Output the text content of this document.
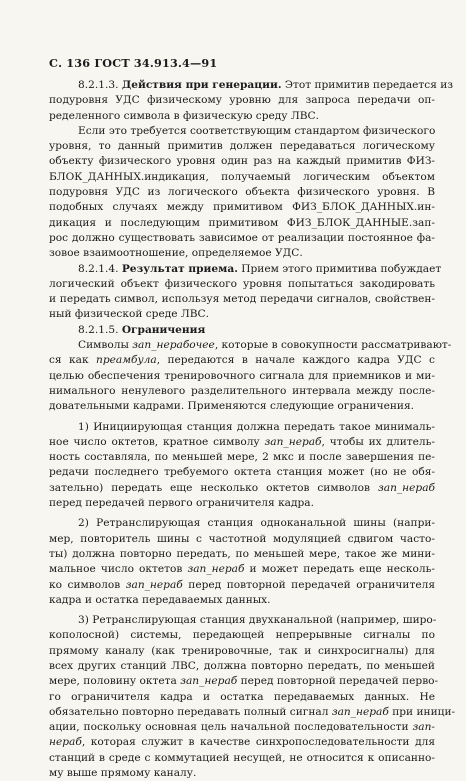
С. 136 ГОСТ 34.913.4—91
8.2.1.3. Действия при генерации. Этот примитив передается из
подуровня УДС физическому уровню для запроса передачи оп-
ределенного символа в физическую среду ЛВС.
Если это требуется соответствующим стандартом физического
уровня, то данный примитив должен передаваться логическому
объекту физического уровня один раз на каждый примитив ФИЗ-
БЛОК_ДАННЫХ.индикация, получаемый логическим объектом
подуровня УДС из логического объекта физического уровня. В
подобных случаях между примитивом ФИЗ_БЛОК_ДАННЫХ.ин-
дикация и последующим примитивом ФИЗ_БЛОК_ДАННЫЕ.зап-
рос должно существовать зависимое от реализации постоянное фа-
зовое взаимоотношение, определяемое УДС.
8.2.1.4. Результат приема. Прием этого примитива побуждает
логический объект физического уровня попытаться закодировать
и передать символ, используя метод передачи сигналов, свойствен-
ный физической среде ЛВС.
8.2.1.5. Ограничения
Символы зап_нерабочее, которые в совокупности рассматривают-
ся как преамбула, передаются в начале каждого кадра УДС с
целью обеспечения тренировочного сигнала для приемников и ми-
нимального ненулевого разделительного интервала между после-
довательными кадрами. Применяются следующие ограничения.
1) Инициирующая станция должна передать такое минималь-
ное число октетов, кратное символу зап_нераб, чтобы их длитель-
ность составляла, по меньшей мере, 2 мкс и после завершения пе-
редачи последнего требуемого октета станция может (но не обя-
зательно) передать еще несколько октетов символов зап_нераб
перед передачей первого ограничителя кадра.
2) Ретранслирующая станция одноканальной шины (напри-
мер, повторитель шины с частотной модуляцией сдвигом часто-
ты) должна повторно передать, по меньшей мере, такое же мини-
мальное число октетов зап_нераб и может передать еще несколь-
ко символов зап_нераб перед повторной передачей ограничителя
кадра и остатка передаваемых данных.
3) Ретранслирующая станция двухканальной (например, широ-
кополосной) системы, передающей непрерывные сигналы по
прямому каналу (как тренировочные, так и синхросигналы) для
всех других станций ЛВС, должна повторно передать, по меньшей
мере, половину октета зап_нераб перед повторной передачей перво-
го ограничителя кадра и остатка передаваемых данных. Не
обязательно повторно передавать полный сигнал зап_нераб при иници-
ации, поскольку основная цель начальной последовательности зап-
нераб, которая служит в качестве синхропоследовательности для
станций в среде с коммутацией несущей, не относится к описанно-
му выше прямому каналу.
